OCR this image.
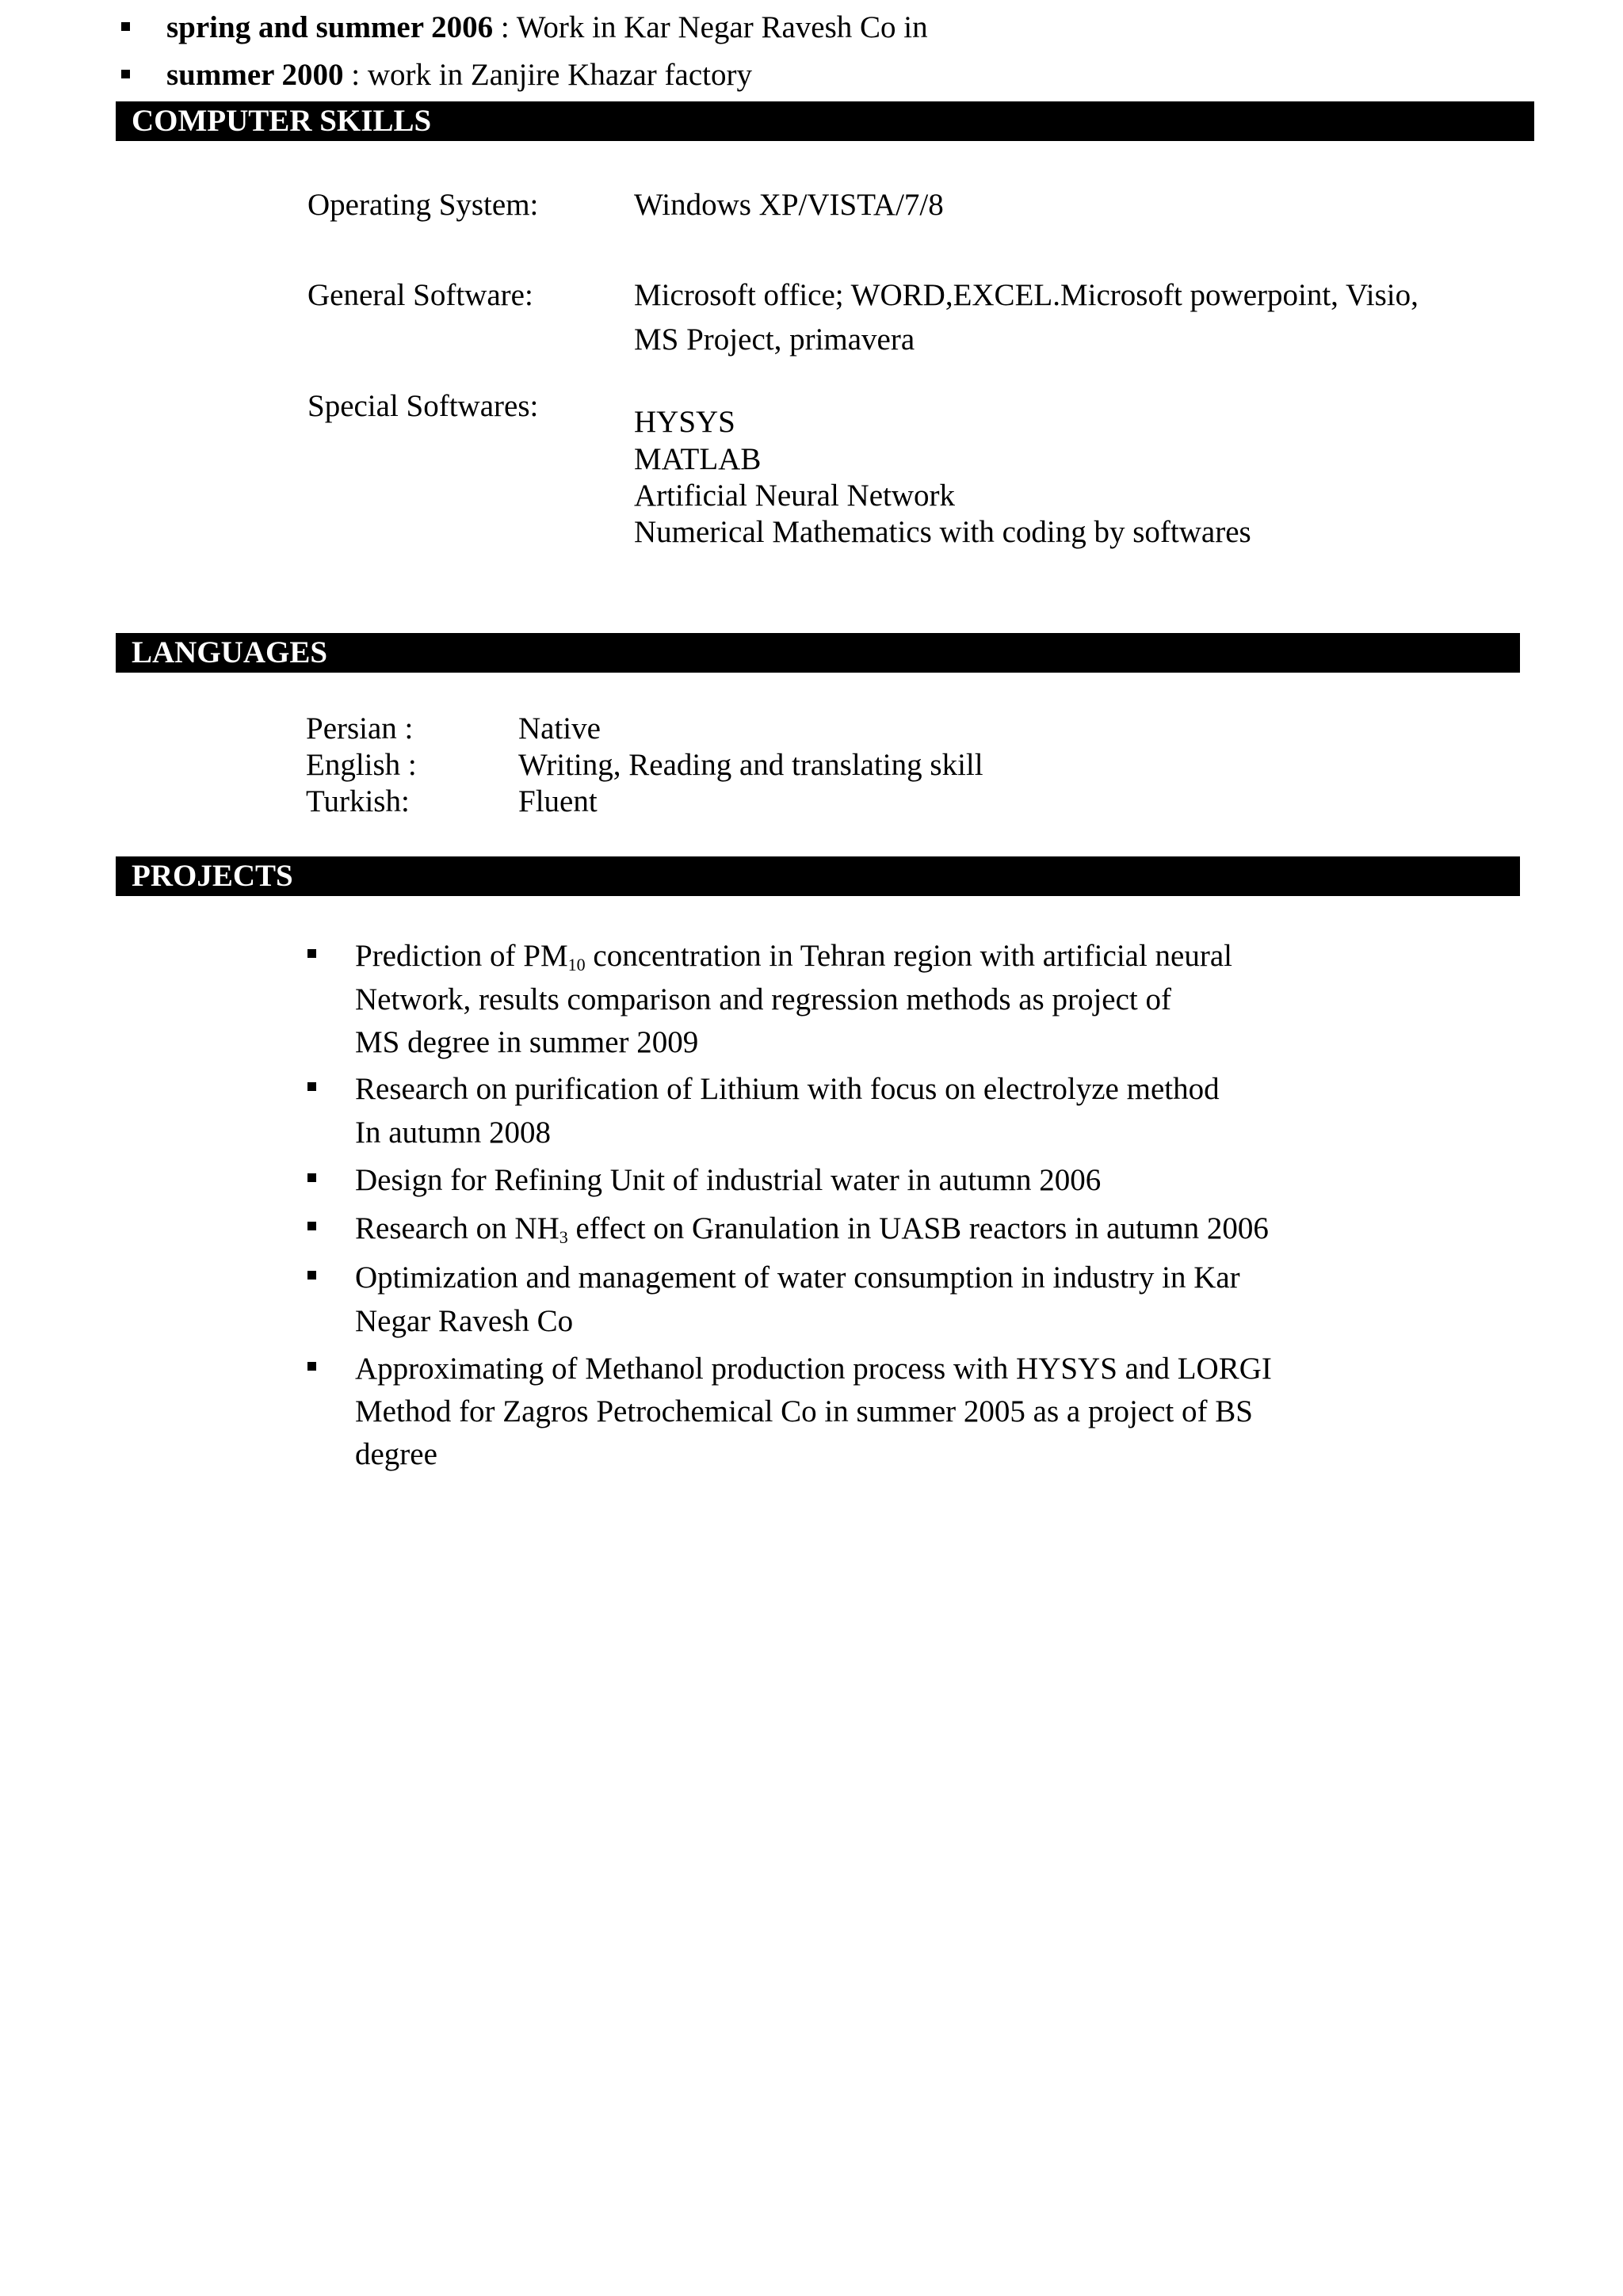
spring and summer 2006 : Work in Kar Negar Ravesh Co in
summer 2000 : work in Zanjire Khazar factory
COMPUTER SKILLS
Operating System:	Windows XP/VISTA/7/8
General Software:	Microsoft office; WORD,EXCEL.Microsoft powerpoint, Visio,
MS Project, primavera
Special Softwares:	HYSYS
MATLAB
Artificial Neural Network
Numerical Mathematics with coding by softwares
LANGUAGES
Persian :	Native
English :	Writing, Reading and translating skill
Turkish:	Fluent
PROJECTS
Prediction of $PM_{10}$ concentration in Tehran region with artificial neural
Network, results comparison and regression methods as project of
MS degree in summer 2009
Research on purification of Lithium with focus on electrolyze method
In autumn 2008
Design for Refining Unit of industrial water in autumn 2006
Research on $NH_3$ effect on Granulation in UASB reactors in autumn 2006
Optimization and management of water consumption in industry in Kar
Negar Ravesh Co
Approximating of Methanol production process with HYSYS and LORGI
Method for Zagros Petrochemical Co in summer 2005 as a project of BS
degree
